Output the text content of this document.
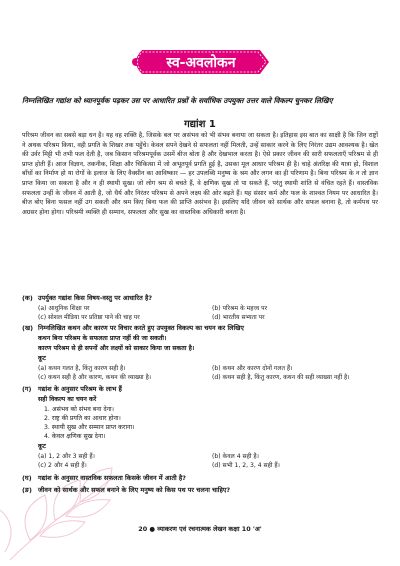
स्व-अवलोकन
निम्नलिखित गद्यांश को ध्यानपूर्वक पढ़कर उस पर आधारित प्रश्नों के सर्वाधिक उपयुक्त उत्तर वाले विकल्प चुनकर लिखिए
गद्यांश 1
परिश्रम जीवन का सबसे बड़ा धन है। यह वह शक्ति है, जिसके बल पर असंभव को भी संभव बनाया जा सकता है। इतिहास इस बात का साक्षी है कि जिन राष्ट्रों ने अथक परिश्रम किया, वही प्रगति के शिखर तक पहुँचे। केवल सपने देखने से सफलता नहीं मिलती, उन्हें साकार करने के लिए निरंतर उद्यम आवश्यक है। खेत की उर्वर मिट्टी भी तभी फल देती है, जब किसान परिश्रमपूर्वक उसमें बीज बोता है और देखभाल करता है। ऐसे प्रकार जीवन की सारी सफलताएँ परिश्रम से ही प्राप्त होती हैं। आज विज्ञान, तकनीक, शिक्षा और चिकित्सा में जो अभूतपूर्व प्रगति हुई है, उसका मूल आधार परिश्रम ही है। चाहे अंतरिक्ष की यात्रा हो, विशाल बाँधों का निर्माण हो या रोगों के इलाज के लिए वैक्सीन का आविष्कार — हर उपलब्धि मनुष्य के श्रम और लगन का ही परिणाम है। बिना परिश्रम के न तो ज्ञान प्राप्त किया जा सकता है और न ही स्थायी सुख। जो लोग श्रम से बचते हैं, वे क्षणिक सुख तो पा सकते हैं, परंतु स्थायी शांति से वंचित रहते हैं। वास्तविक सफलता उन्हीं के जीवन में आती है, जो धैर्य और निरंतर परिश्रम से अपने लक्ष्य की ओर बढ़ते हैं। यह संसार कर्म और फल के शाश्वत नियम पर आधारित है। बीज बोए बिना फसल नहीं उग सकती और श्रम किए बिना फल की प्राप्ति असंभव है। इसलिए यदि जीवन को सार्थक और सफल बनाना है, तो कर्मपथ पर अग्रसर होना होगा। परिश्रमी व्यक्ति ही सम्मान, सफलता और सुख का वास्तविक अधिकारी बनता है।
(क) उपर्युक्त गद्यांश किस विषय-वस्तु पर आधारित है?
(a) आधुनिक शिक्षा पर	(b) परिश्रम के महत्त्व पर
(c) सोशल मीडिया पर प्रतिष्ठा पाने की चाह पर	(d) भारतीय सभ्यता पर
(ख) निम्नलिखित कथन और कारण पर विचार करते हुए उपयुक्त विकल्प का चयन कर लिखिए
कथन बिना परिश्रम के सफलता प्राप्त नहीं की जा सकती।
कारण परिश्रम से ही सपनों और लक्ष्यों को साकार किया जा सकता है।
कूट
(a) कथन गलत है, किंतु कारण सही है।	(b) कथन और कारण दोनों गलत हैं।
(c) कथन सही है और कारण, कथन की व्याख्या है।	(d) कथन सही है, किंतु कारण, कथन की सही व्याख्या नहीं है।
(ग) गद्यांश के अनुसार परिश्रम के लाभ हैं
सही विकल्प का चयन करें
1. असंभव को संभव बना देना।
2. राष्ट्र की प्रगति का आधार होना।
3. स्थायी सुख और सम्मान प्राप्त कराना।
4. केवल क्षणिक सुख देना।
कूट
(a) 1, 2 और 3 सही हैं।	(b) केवल 4 सही है।
(c) 2 और 4 सही हैं।	(d) सभी 1, 2, 3, 4 सही हैं।
(घ) गद्यांश के अनुसार वास्तविक सफलता किसके जीवन में आती है?
(ङ) जीवन को सार्थक और सफल बनाने के लिए मनुष्य को किस पथ पर चलना चाहिए?
20 ● व्याकरण एवं रचनात्मक लेखन कक्षा 10 'अ'
